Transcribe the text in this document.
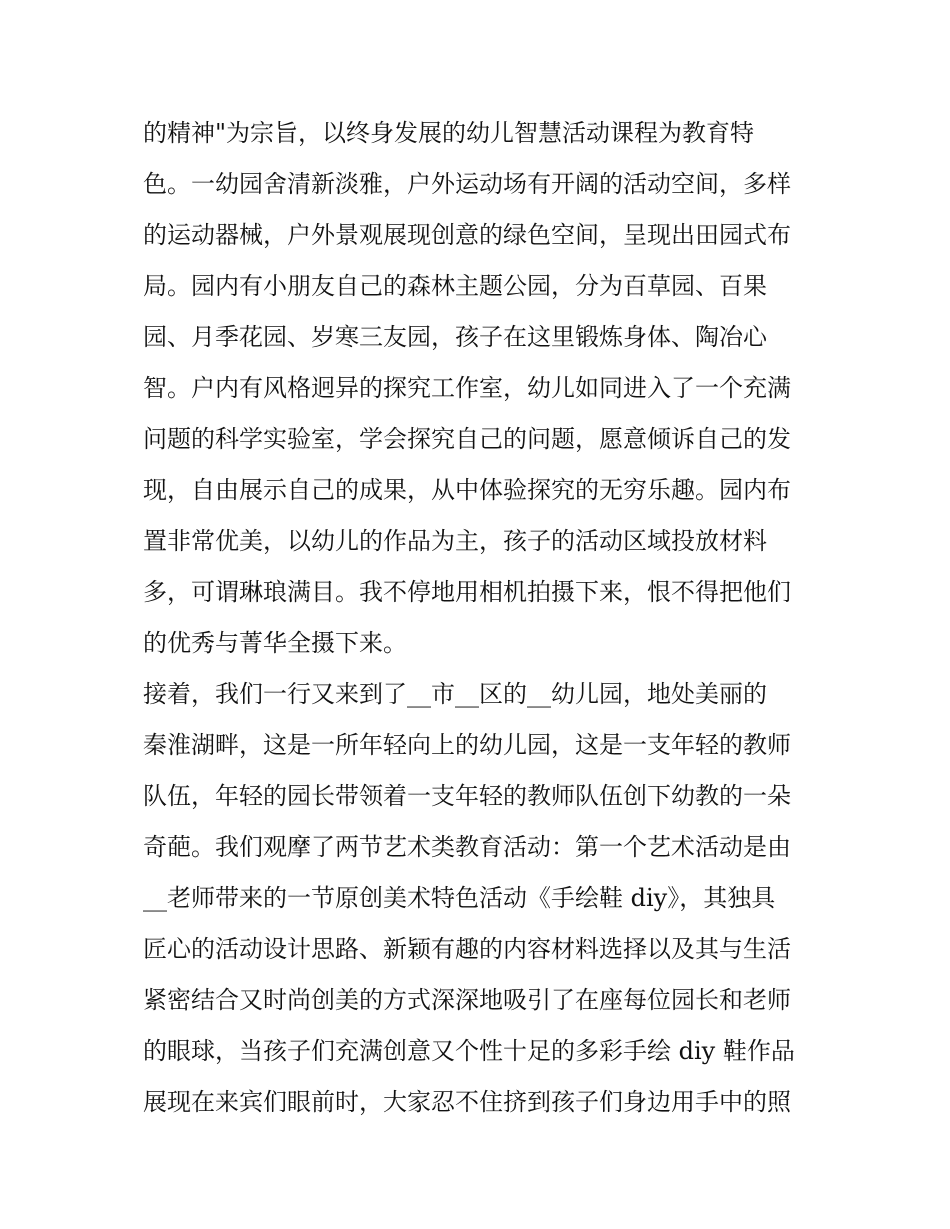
的精神"为宗旨，以终身发展的幼儿智慧活动课程为教育特
色。一幼园舍清新淡雅，户外运动场有开阔的活动空间，多样
的运动器械，户外景观展现创意的绿色空间，呈现出田园式布
局。园内有小朋友自己的森林主题公园，分为百草园、百果
园、月季花园、岁寒三友园，孩子在这里锻炼身体、陶冶心
智。户内有风格迥异的探究工作室，幼儿如同进入了一个充满
问题的科学实验室，学会探究自己的问题，愿意倾诉自己的发
现，自由展示自己的成果，从中体验探究的无穷乐趣。园内布
置非常优美，以幼儿的作品为主，孩子的活动区域投放材料
多，可谓琳琅满目。我不停地用相机拍摄下来，恨不得把他们
的优秀与菁华全摄下来。
接着，我们一行又来到了__市__区的__幼儿园，地处美丽的
秦淮湖畔，这是一所年轻向上的幼儿园，这是一支年轻的教师
队伍，年轻的园长带领着一支年轻的教师队伍创下幼教的一朵
奇葩。我们观摩了两节艺术类教育活动：第一个艺术活动是由
__老师带来的一节原创美术特色活动《手绘鞋 diy》，其独具
匠心的活动设计思路、新颖有趣的内容材料选择以及其与生活
紧密结合又时尚创美的方式深深地吸引了在座每位园长和老师
的眼球，当孩子们充满创意又个性十足的多彩手绘 diy 鞋作品
展现在来宾们眼前时，大家忍不住挤到孩子们身边用手中的照
